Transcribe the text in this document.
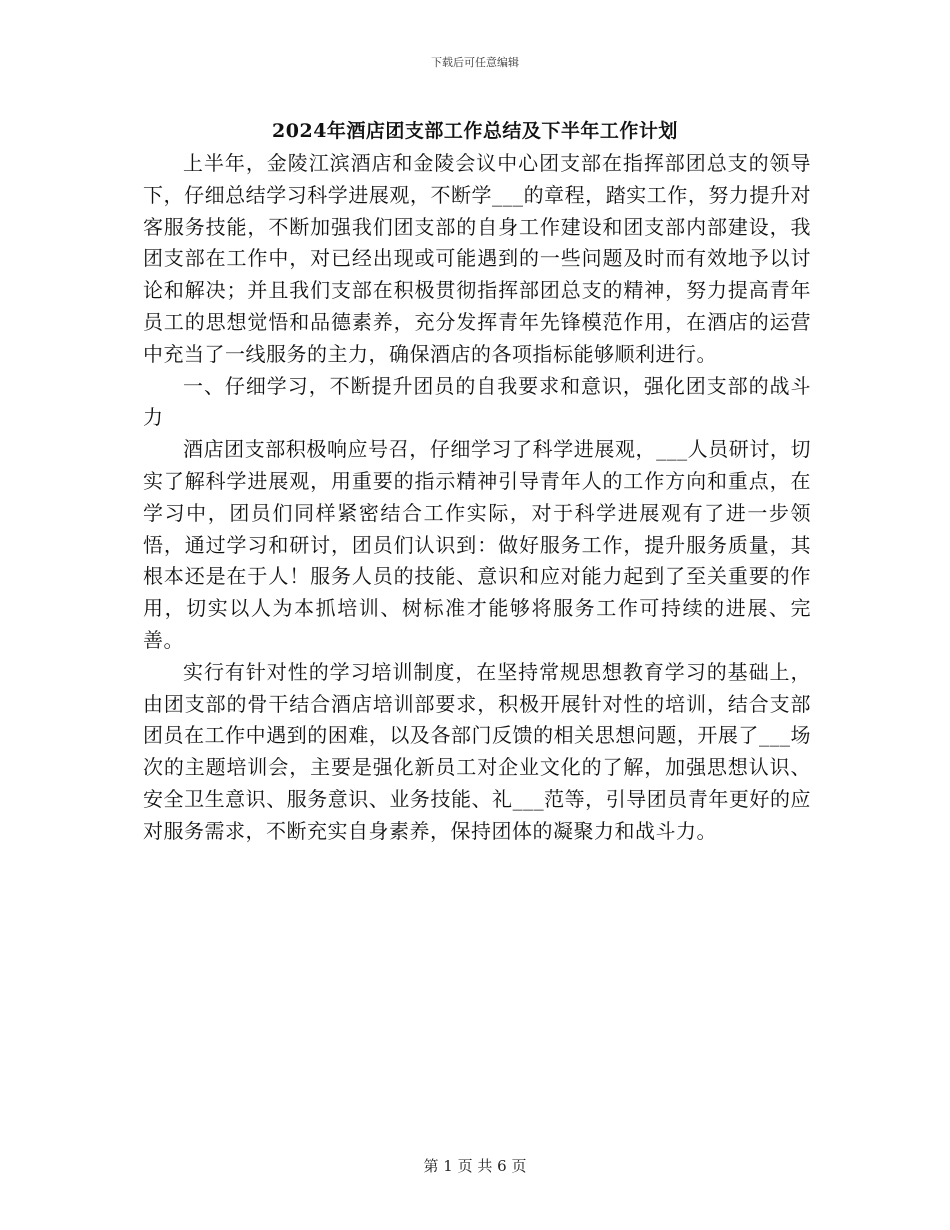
下载后可任意编辑
2024年酒店团支部工作总结及下半年工作计划

上半年，金陵江滨酒店和金陵会议中心团支部在指挥部团总支的领导下，仔细总结学习科学进展观，不断学___的章程，踏实工作，努力提升对客服务技能，不断加强我们团支部的自身工作建设和团支部内部建设，我团支部在工作中，对已经出现或可能遇到的一些问题及时而有效地予以讨论和解决；并且我们支部在积极贯彻指挥部团总支的精神，努力提高青年员工的思想觉悟和品德素养，充分发挥青年先锋模范作用，在酒店的运营中充当了一线服务的主力，确保酒店的各项指标能够顺利进行。

一、仔细学习，不断提升团员的自我要求和意识，强化团支部的战斗力

酒店团支部积极响应号召，仔细学习了科学进展观，___人员研讨，切实了解科学进展观，用重要的指示精神引导青年人的工作方向和重点，在学习中，团员们同样紧密结合工作实际，对于科学进展观有了进一步领悟，通过学习和研讨，团员们认识到：做好服务工作，提升服务质量，其根本还是在于人！服务人员的技能、意识和应对能力起到了至关重要的作用，切实以人为本抓培训、树标准才能够将服务工作可持续的进展、完善。

实行有针对性的学习培训制度，在坚持常规思想教育学习的基础上，由团支部的骨干结合酒店培训部要求，积极开展针对性的培训，结合支部团员在工作中遇到的困难，以及各部门反馈的相关思想问题，开展了___场次的主题培训会，主要是强化新员工对企业文化的了解，加强思想认识、安全卫生意识、服务意识、业务技能、礼___范等，引导团员青年更好的应对服务需求，不断充实自身素养，保持团体的凝聚力和战斗力。

第 1 页 共 6 页
